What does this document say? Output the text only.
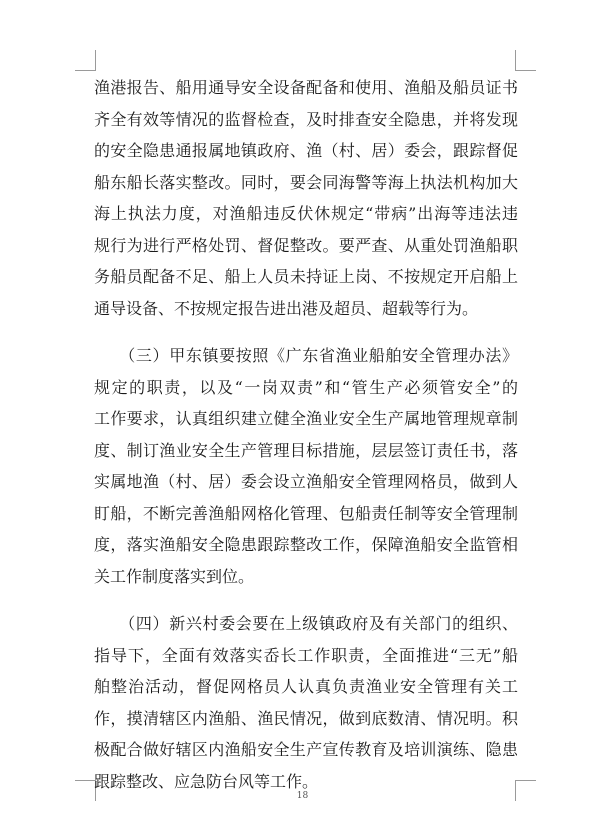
渔港报告、船用通导安全设备配备和使用、渔船及船员证书
齐全有效等情况的监督检查，及时排查安全隐患，并将发现
的安全隐患通报属地镇政府、渔（村、居）委会，跟踪督促
船东船长落实整改。同时，要会同海警等海上执法机构加大
海上执法力度，对渔船违反伏休规定“带病”出海等违法违
规行为进行严格处罚、督促整改。要严查、从重处罚渔船职
务船员配备不足、船上人员未持证上岗、不按规定开启船上
通导设备、不按规定报告进出港及超员、超载等行为。

　　（三）甲东镇要按照《广东省渔业船舶安全管理办法》
规定的职责，以及“一岗双责”和“管生产必须管安全”的
工作要求，认真组织建立健全渔业安全生产属地管理规章制
度、制订渔业安全生产管理目标措施，层层签订责任书，落
实属地渔（村、居）委会设立渔船安全管理网格员，做到人
盯船，不断完善渔船网格化管理、包船责任制等安全管理制
度，落实渔船安全隐患跟踪整改工作，保障渔船安全监管相
关工作制度落实到位。

　　（四）新兴村委会要在上级镇政府及有关部门的组织、
指导下，全面有效落实岙长工作职责，全面推进“三无”船
舶整治活动，督促网格员人认真负责渔业安全管理有关工
作，摸清辖区内渔船、渔民情况，做到底数清、情况明。积
极配合做好辖区内渔船安全生产宣传教育及培训演练、隐患
跟踪整改、应急防台风等工作。

18
